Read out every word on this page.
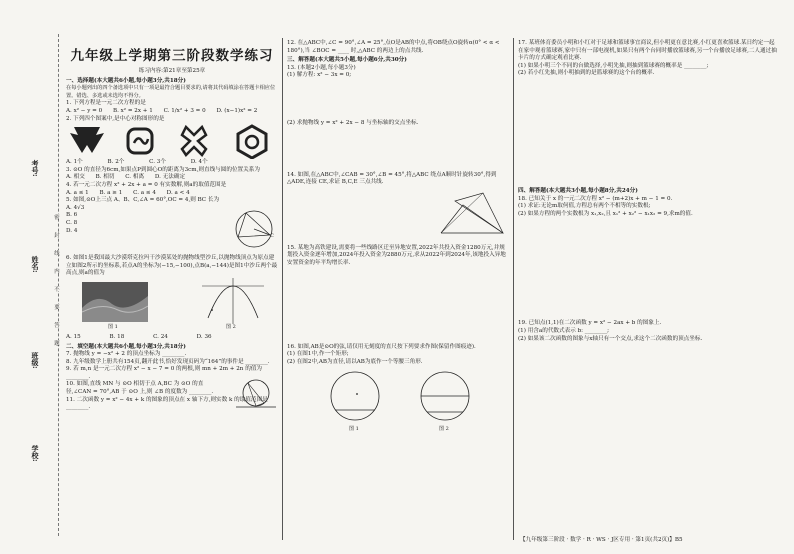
考号:
姓名:
班级:
学校:
密
封
线
内
不
要
答
题
九年级上学期第三阶段数学练习
练习内容:第21章至第25章
一、选择题(本大题共6小题,每小题3分,共18分)
在每小题列出的四个备选项中只有一项是最符合题目要求的,请将其代码填涂在答题卡相应位置。错选、多选或未选均不得分。
1. 下列方程是一元二次方程的是
A. x² − y = 0 B. x² = 2x + 1 C. 1/x² + 3 = 0 D. (x−1)x² = 2
2. 下列四个图案中,是中心对称图形的是
A. 1个	B. 2个	C. 3个	D. 4个
3. ⊙O 的直径为6cm,如果点P到圆心O的距离为3cm,则直线与圆的位置关系为
A. 相交 B. 相切 C. 相离 D. 无法确定
4. 若一元二次方程 x² + 2x + a = 0 有实数解,则a的取值范围是
A. a ≤ 1 B. a ≥ 1 C. a ≤ 4 D. a < 4
5. 如图,⊙O上三点 A、B、C,∠A = 60°,OC = 4,则 BC 长为
A. 4√3
B. 6
C. 8
D. 4
C
6. 如图1是我国最大沙漠塔克拉玛干沙漠某处的抛物线型沙丘,以抛物线顶点为原点建立如图2所示的坐标系,若点A的坐标为(−15,−100),点B(a,−144)是图1中沙丘两个最高点,则a的值为
图 1	图 2
A. 15	B. 18	C. 24	D. 36
二、填空题(本大题共6小题,每小题3分,共18分)
7. 抛物线 y = −x² + 2 的顶点坐标为 ________.
8. 九年级数学上册共有154页,翻开此书,恰好发现页码为“164”的事件是 ________.
9. 若 m,n 是一元二次方程 x² − x − 7 = 0 的两根,则 mn + 2m + 2n 的值为 ________.
10. 如图,直线 MN 与 ⊙O 相切于点 A,BC 为 ⊙O 的直径,∠CAN = 70°,AB 于 ⊙O 上,则 ∠B 的度数为 ________.
11. 二次函数 y = x² − 4x + k 的图象的顶点在 x 轴下方,则实数 k 的取值范围是 ________.
12. 在△ABC中,∠C = 90°,∠A = 25°,点O是AB的中点,将OB绕点O旋转α(0° < α < 180°),当 ∠BOC = ____ 时,△ABC 的两边上的点共线.
三、解答题(本大题共5小题,每小题6分,共30分)
13. (本题2小题,每小题3分)
(1) 解方程: x² − 3x = 0;
(2) 求抛物线 y = x² + 2x − 8 与坐标轴的交点坐标.
14. 如图,在△ABC中,∠CAB = 30°,∠B = 45°,将△ABC 绕点A顺时针旋转30°,得到△ADE,连接 CE,求证 B,C,E 三点共线.
15. 某地为高铁建设,需要将一些线路区迁至异地安置,2022年共投入资金1280万元,并规划投入资金逐年增加,2024年投入资金为2880万元,求从2022年到2024年,该地投入异地安置资金的年平均增长率.
16. 如图,AB是⊙O的弦,请仅用无刻度的直尺按下列要求作图(保留作图痕迹).
(1) 在图1中,作一个矩形;
(2) 在图2中,AB为直径,请以AB为底作一个等腰三角形.
图 1	图 2
17. 某班体育委员小明和小红对于足球和篮球事宜商议,但小明更在意比赛,小红更喜欢篮球.某日约定一起在家中观看篮球赛,家中只有一部电视机,如果只有两个台同时播放篮球赛,另一个台播放足球赛,二人通过抽卡片的方式确定观看比赛.
(1) 如果小明三个不同的台做选择,小明先抽,则抽到篮球赛的概率是 ________;
(2) 若小红先抽,则小明抽到的是篮球赛的这个台的概率.
四、解答题(本大题共3小题,每小题8分,共24分)
18. 已知关于 x 的一元二次方程 x² − (m+2)x + m − 1 = 0.
(1) 求证:无论m取何值,方程总有两个不相等的实数根;
(2) 如果方程的两个实数根为 x₁,x₂,且 x₁² + x₂² − x₁x₂ = 9,求m的值.
19. 已知点(1,1)在二次函数 y = x² − 2ax + b 的图象上.
(1) 用含a的代数式表示 b: ________;
(2) 如果该二次函数的图象与x轴只有一个交点,求这个二次函数的顶点坐标.
【九年级第三阶段 · 数学 · R · WS · J区专用 · 第1页(共2页)】B5
